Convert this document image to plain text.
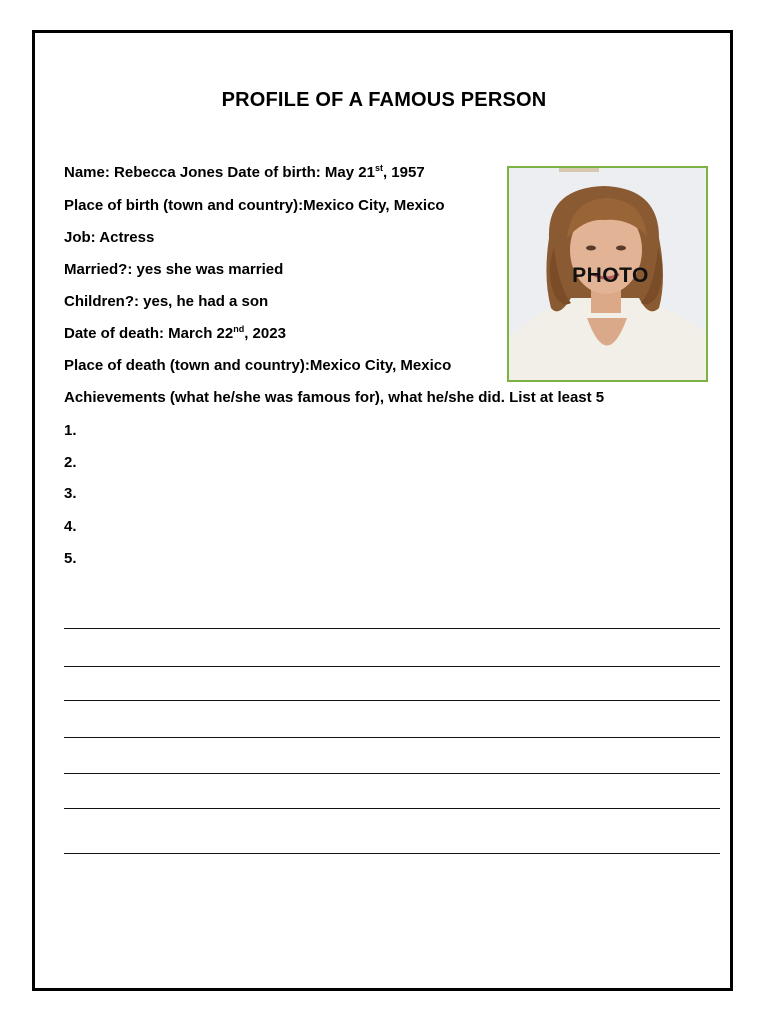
PROFILE OF A FAMOUS PERSON
Name: Rebecca Jones Date of birth: May 21st, 1957
Place of birth (town and country):Mexico City, Mexico
Job: Actress
Married?: yes she was married
Children?: yes, he had a son
Date of death: March 22nd, 2023
Place of death (town and country):Mexico City, Mexico
Achievements (what he/she was famous for), what he/she did. List at least 5
PHOTO
1.
2.
3.
4.
5.
